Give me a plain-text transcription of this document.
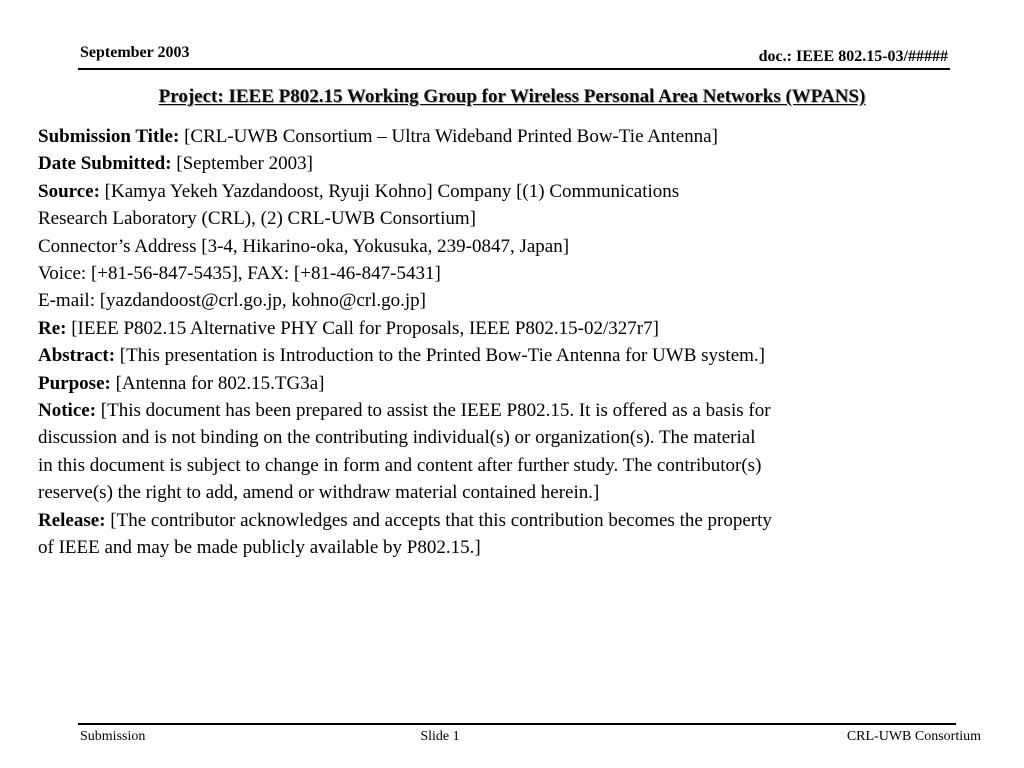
September 2003	doc.: IEEE 802.15-03/#####
Project: IEEE P802.15 Working Group for Wireless Personal Area Networks (WPANS)
Submission Title: [CRL-UWB Consortium – Ultra Wideband Printed Bow-Tie Antenna]
Date Submitted: [September 2003]
Source: [Kamya Yekeh Yazdandoost, Ryuji Kohno] Company [(1) Communications
Research Laboratory (CRL), (2) CRL-UWB Consortium]
Connector’s Address [3-4, Hikarino-oka, Yokusuka, 239-0847, Japan]
Voice: [+81-56-847-5435], FAX: [+81-46-847-5431]
E-mail: [yazdandoost@crl.go.jp, kohno@crl.go.jp]
Re: [IEEE P802.15 Alternative PHY Call for Proposals, IEEE P802.15-02/327r7]
Abstract: [This presentation is Introduction to the Printed Bow-Tie Antenna for UWB system.]
Purpose: [Antenna for 802.15.TG3a]
Notice: [This document has been prepared to assist the IEEE P802.15. It is offered as a basis for
discussion and is not binding on the contributing individual(s) or organization(s). The material
in this document is subject to change in form and content after further study. The contributor(s)
reserve(s) the right to add, amend or withdraw material contained herein.]
Release: [The contributor acknowledges and accepts that this contribution becomes the property
of IEEE and may be made publicly available by P802.15.]
Submission	Slide 1	CRL-UWB Consortium
